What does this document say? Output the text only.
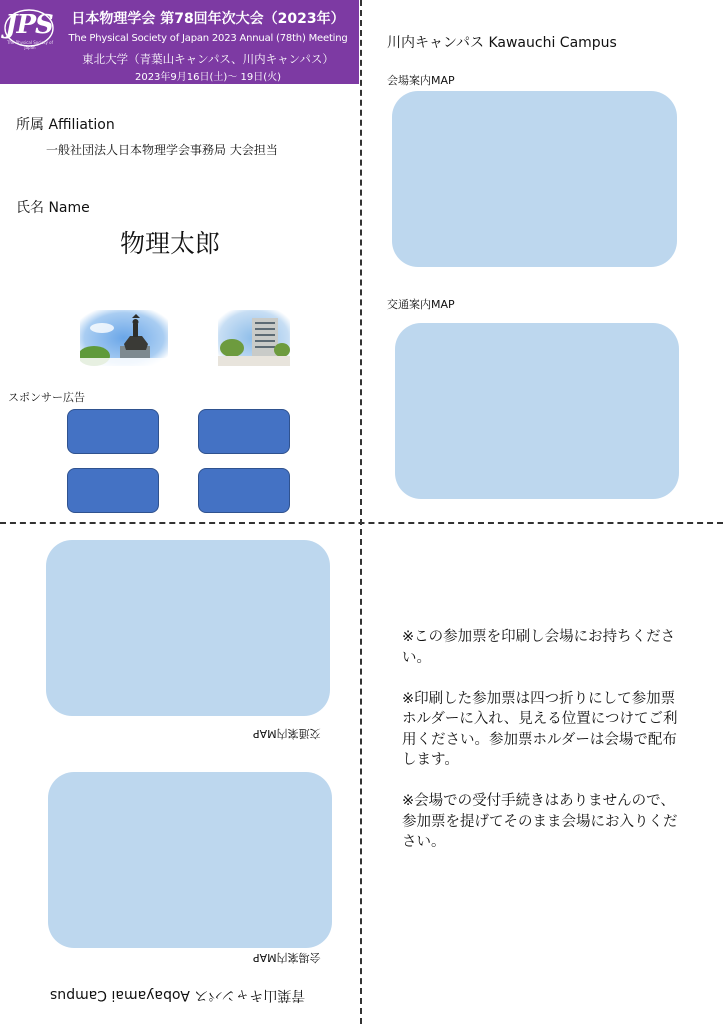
JPS
The Physical Society of Japan
日本物理学会 第78回年次大会（2023年）
The Physical Society of Japan 2023 Annual (78th) Meeting
東北大学（青葉山キャンパス、川内キャンパス）
2023年9月16日(土)～ 19日(火)
所属 Affiliation
一般社団法人日本物理学会事務局 大会担当
氏名 Name
物理太郎
スポンサー広告
川内キャンパス Kawauchi Campus
会場案内MAP
交通案内MAP
交通案内MAP
会場案内MAP
青葉山キャンパス Aobayamai Campus

※この参加票を印刷し会場にお持ちください。

※印刷した参加票は四つ折りにして参加票ホルダーに入れ、見える位置につけてご利用ください。参加票ホルダーは会場で配布します。

※会場での受付手続きはありませんので、参加票を提げてそのまま会場にお入りください。
